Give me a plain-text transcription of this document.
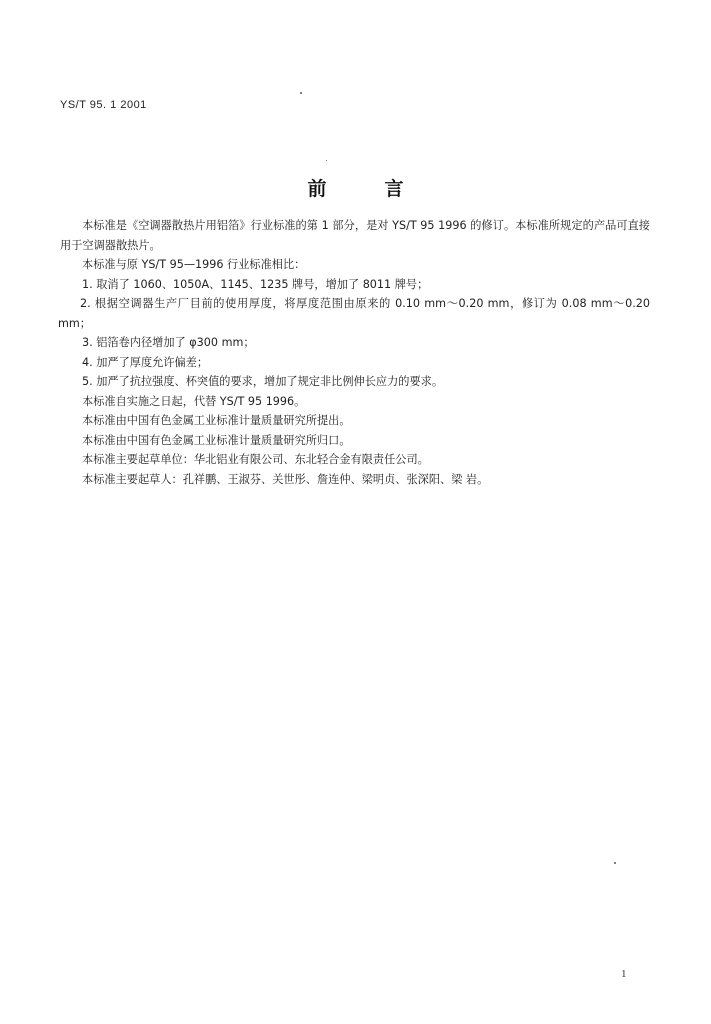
YS/T 95. 1 2001
前	言

本标准是《空调器散热片用铝箔》行业标准的第 1 部分，是对 YS/T 95 1996 的修订。本标准所规定的产品可直接用于空调器散热片。

本标准与原 YS/T 95—1996 行业标准相比：

1. 取消了 1060、1050A、1145、1235 牌号，增加了 8011 牌号；

2. 根据空调器生产厂目前的使用厚度，将厚度范围由原来的 0.10 mm～0.20 mm，修订为 0.08 mm～0.20 mm；

3. 铝箔卷内径增加了 φ300 mm；

4. 加严了厚度允许偏差；

5. 加严了抗拉强度、杯突值的要求，增加了规定非比例伸长应力的要求。

本标准自实施之日起，代替 YS/T 95 1996。

本标准由中国有色金属工业标准计量质量研究所提出。

本标准由中国有色金属工业标准计量质量研究所归口。

本标准主要起草单位：华北铝业有限公司、东北轻合金有限责任公司。

本标准主要起草人：孔祥鹏、王淑芬、关世彤、詹连仲、梁明贞、张深阳、梁 岩。

1
